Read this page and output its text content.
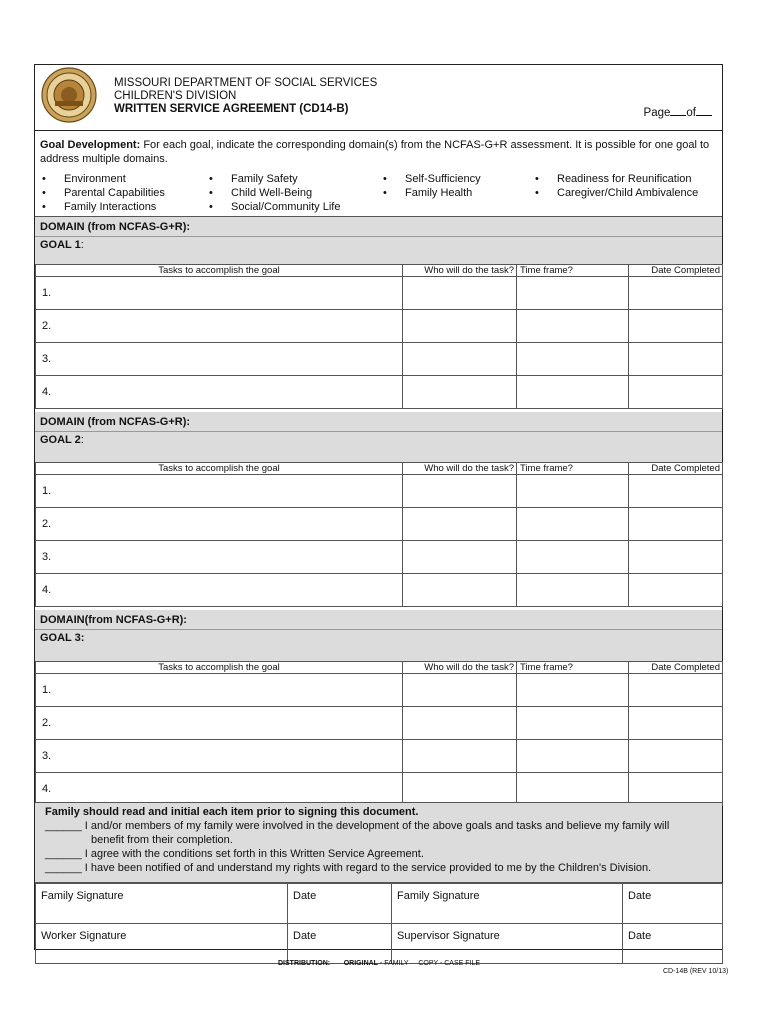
MISSOURI DEPARTMENT OF SOCIAL SERVICES
CHILDREN'S DIVISION
WRITTEN SERVICE AGREEMENT (CD14-B)	Page of
Goal Development: For each goal, indicate the corresponding domain(s) from the NCFAS-G+R assessment. It is possible for one goal to address multiple domains.
• Environment
• Parental Capabilities
• Family Interactions
• Family Safety
• Child Well-Being
• Social/Community Life
• Self-Sufficiency
• Family Health
• Readiness for Reunification
• Caregiver/Child Ambivalence
DOMAIN (from NCFAS-G+R):
GOAL 1:
Tasks to accomplish the goal	Who will do the task?	Time frame?	Date Completed
1.			
2.			
3.			
4.			
DOMAIN (from NCFAS-G+R):
GOAL 2:
Tasks to accomplish the goal	Who will do the task?	Time frame?	Date Completed
1.			
2.			
3.			
4.			
DOMAIN(from NCFAS-G+R):
GOAL 3:
Tasks to accomplish the goal	Who will do the task?	Time frame?	Date Completed
1.			
2.			
3.			
4.			
Family should read and initial each item prior to signing this document.
______ I and/or members of my family were involved in the development of the above goals and tasks and believe my family will
benefit from their completion.
______ I agree with the conditions set forth in this Written Service Agreement.
______ I have been notified of and understand my rights with regard to the service provided to me by the Children's Division.
Family Signature	Date	Family Signature	Date
Worker Signature	Date	Supervisor Signature	Date
DISTRIBUTION: ORIGINAL - FAMILY COPY - CASE FILE
CD-14B (REV 10/13)
